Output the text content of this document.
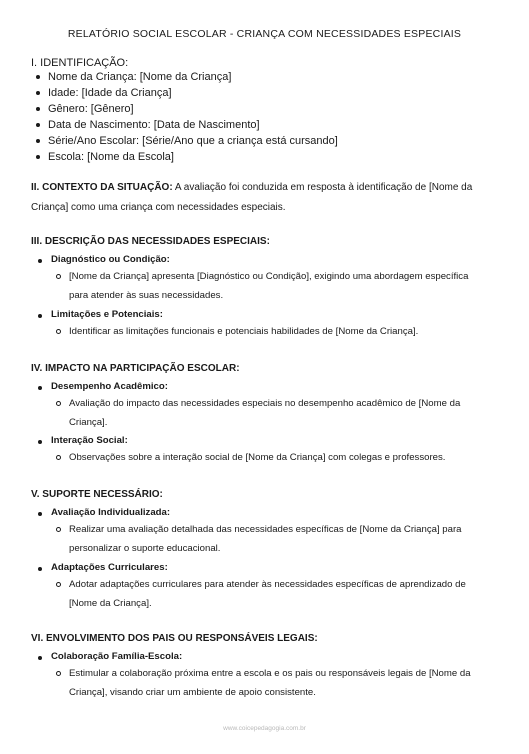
RELATÓRIO SOCIAL ESCOLAR - CRIANÇA COM NECESSIDADES ESPECIAIS
I. IDENTIFICAÇÃO:
Nome da Criança: [Nome da Criança]
Idade: [Idade da Criança]
Gênero: [Gênero]
Data de Nascimento: [Data de Nascimento]
Série/Ano Escolar: [Série/Ano que a criança está cursando]
Escola: [Nome da Escola]
II. CONTEXTO DA SITUAÇÃO: A avaliação foi conduzida em resposta à identificação de [Nome da Criança] como uma criança com necessidades especiais.
III. DESCRIÇÃO DAS NECESSIDADES ESPECIAIS:
Diagnóstico ou Condição:
[Nome da Criança] apresenta [Diagnóstico ou Condição], exigindo uma abordagem específica para atender às suas necessidades.
Limitações e Potenciais:
Identificar as limitações funcionais e potenciais habilidades de [Nome da Criança].
IV. IMPACTO NA PARTICIPAÇÃO ESCOLAR:
Desempenho Acadêmico:
Avaliação do impacto das necessidades especiais no desempenho acadêmico de [Nome da Criança].
Interação Social:
Observações sobre a interação social de [Nome da Criança] com colegas e professores.
V. SUPORTE NECESSÁRIO:
Avaliação Individualizada:
Realizar uma avaliação detalhada das necessidades específicas de [Nome da Criança] para personalizar o suporte educacional.
Adaptações Curriculares:
Adotar adaptações curriculares para atender às necessidades específicas de aprendizado de [Nome da Criança].
VI. ENVOLVIMENTO DOS PAIS OU RESPONSÁVEIS LEGAIS:
Colaboração Família-Escola:
Estimular a colaboração próxima entre a escola e os pais ou responsáveis legais de [Nome da Criança], visando criar um ambiente de apoio consistente.
www.coicepedagogia.com.br
